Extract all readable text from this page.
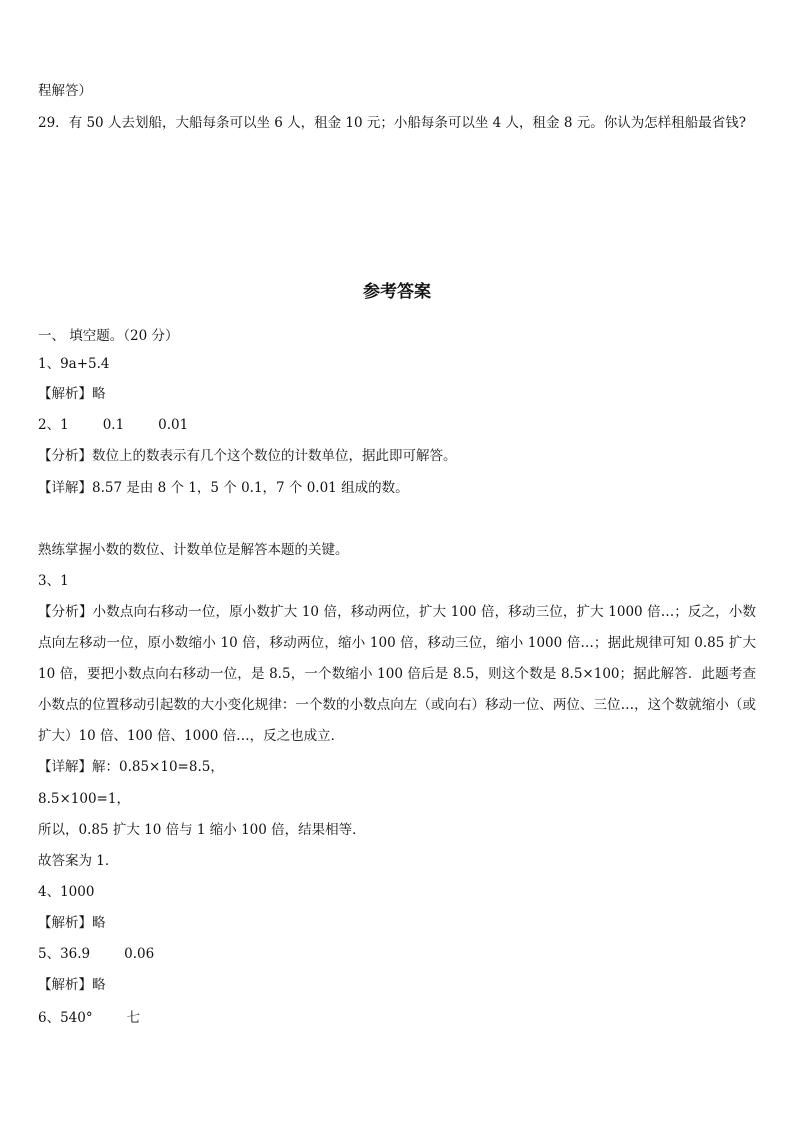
程解答）
29．有 50 人去划船，大船每条可以坐 6 人，租金 10 元；小船每条可以坐 4 人，租金 8 元。你认为怎样租船最省钱?
参考答案
一、 填空题。（20 分）
1、9a+5.4
【解析】略
2、1	0.1	0.01
【分析】数位上的数表示有几个这个数位的计数单位，据此即可解答。
【详解】8.57 是由 8 个 1，5 个 0.1，7 个 0.01 组成的数。
熟练掌握小数的数位、计数单位是解答本题的关键。
3、1
【分析】小数点向右移动一位，原小数扩大 10 倍，移动两位，扩大 100 倍，移动三位，扩大 1000 倍…；反之，小数点向左移动一位，原小数缩小 10 倍，移动两位，缩小 100 倍，移动三位，缩小 1000 倍…；据此规律可知 0.85 扩大 10 倍，要把小数点向右移动一位，是 8.5，一个数缩小 100 倍后是 8.5，则这个数是 8.5×100；据此解答．此题考查小数点的位置移动引起数的大小变化规律：一个数的小数点向左（或向右）移动一位、两位、三位…，这个数就缩小（或扩大）10 倍、100 倍、1000 倍…，反之也成立．
【详解】解：0.85×10=8.5，
8.5×100=1，
所以，0.85 扩大 10 倍与 1 缩小 100 倍，结果相等．
故答案为 1．
4、1000
【解析】略
5、36.9	0.06
【解析】略
6、540°	七
